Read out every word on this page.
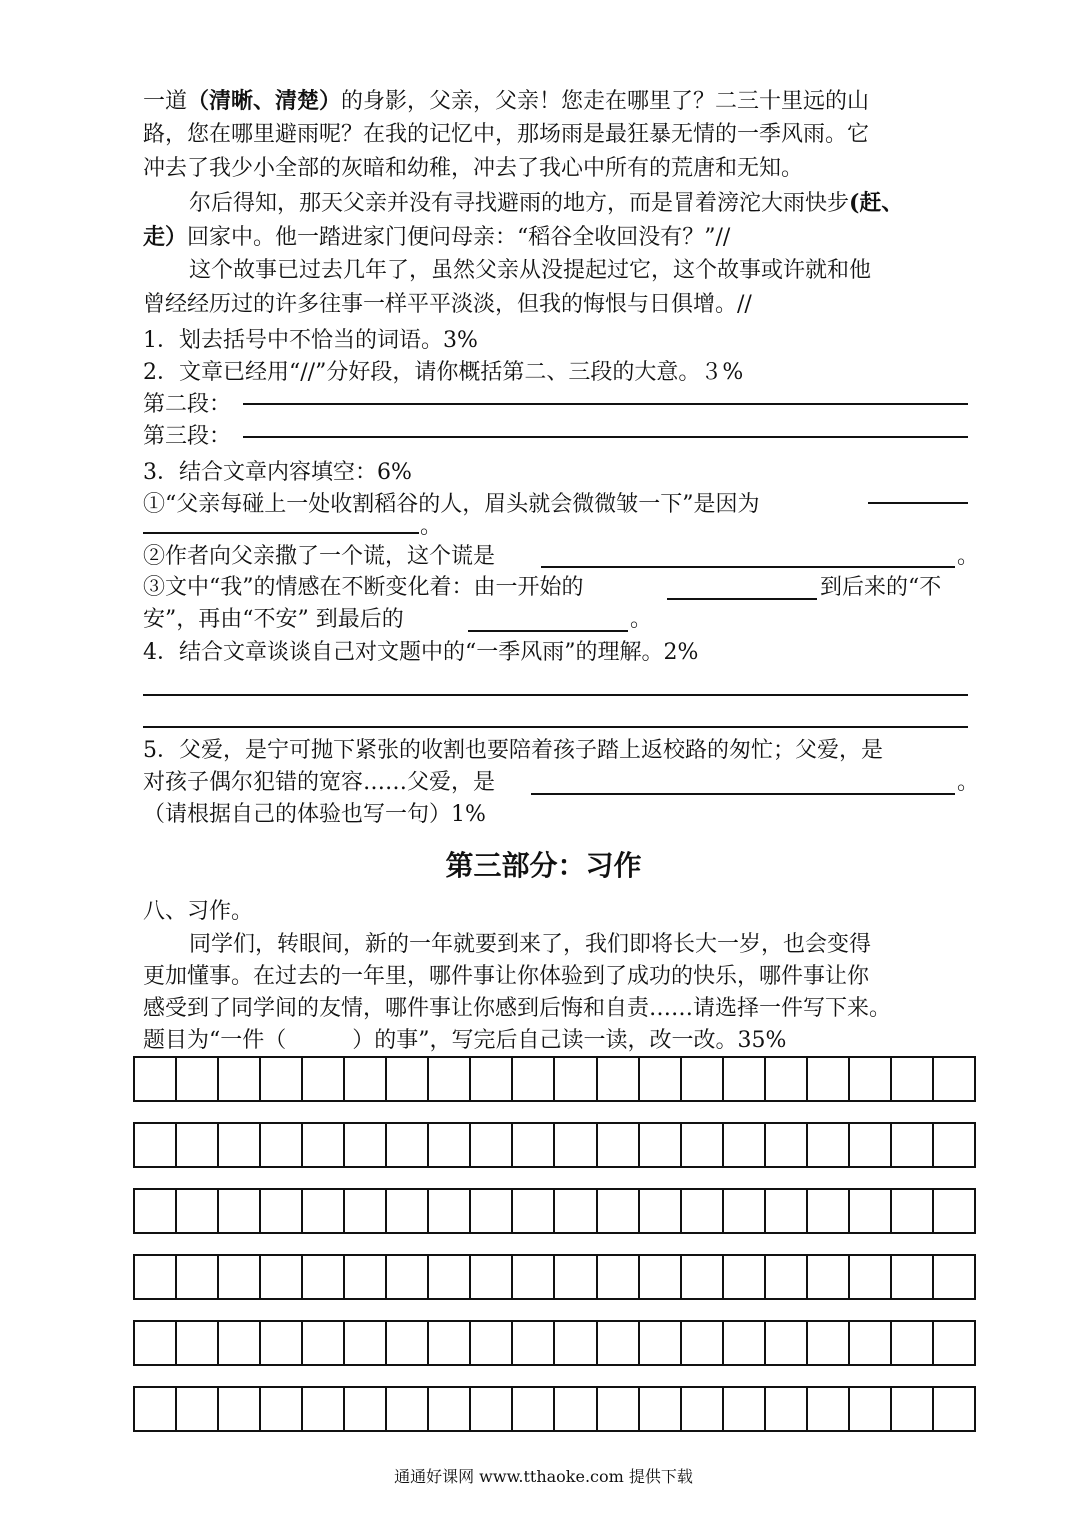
一道（清晰、清楚）的身影，父亲，父亲！您走在哪里了？二三十里远的山
路，您在哪里避雨呢？在我的记忆中，那场雨是最狂暴无情的一季风雨。它
冲去了我少小全部的灰暗和幼稚，冲去了我心中所有的荒唐和无知。
尔后得知，那天父亲并没有寻找避雨的地方，而是冒着滂沱大雨快步(赶、
走）回家中。他一踏进家门便问母亲：“稻谷全收回没有？”//
这个故事已过去几年了，虽然父亲从没提起过它，这个故事或许就和他
曾经经历过的许多往事一样平平淡淡，但我的悔恨与日俱增。//
1．划去括号中不恰当的词语。3%
2．文章已经用“//”分好段，请你概括第二、三段的大意。３%
第二段：
第三段：
3．结合文章内容填空：6%
①“父亲每碰上一处收割稻谷的人，眉头就会微微皱一下”是因为
。
②作者向父亲撒了一个谎，这个谎是	。
③文中“我”的情感在不断变化着：由一开始的	到后来的“不
安”，再由“不安” 到最后的	。
4．结合文章谈谈自己对文题中的“一季风雨”的理解。2%
5．父爱，是宁可抛下紧张的收割也要陪着孩子踏上返校路的匆忙；父爱，是
对孩子偶尔犯错的宽容……父爱，是	。
（请根据自己的体验也写一句）1%
第三部分：习作
八、习作。
同学们，转眼间，新的一年就要到来了，我们即将长大一岁，也会变得
更加懂事。在过去的一年里，哪件事让你体验到了成功的快乐，哪件事让你
感受到了同学间的友情，哪件事让你感到后悔和自责……请选择一件写下来。
题目为“一件（　　　）的事”，写完后自己读一读，改一改。35%
通通好课网 www.tthaoke.com 提供下载
